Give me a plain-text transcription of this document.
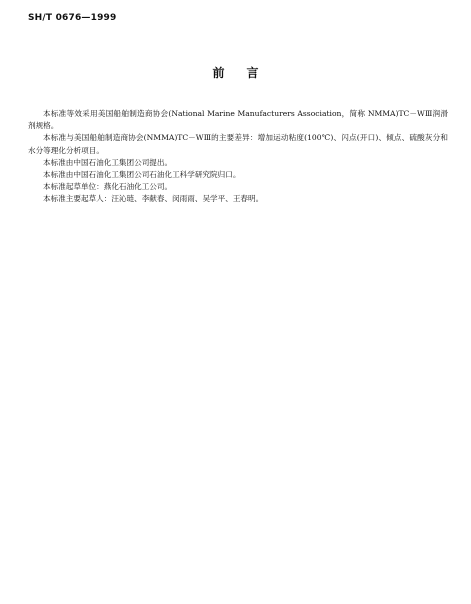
SH/T 0676—1999
前 言

本标准等效采用美国船舶制造商协会(National Marine Manufacturers Association，简称 NMMA)TC－WⅢ润滑剂规格。

本标准与美国船舶制造商协会(NMMA)TC－WⅢ的主要差异：增加运动粘度(100℃)、闪点(开口)、倾点、硫酸灰分和水分等理化分析项目。

本标准由中国石油化工集团公司提出。

本标准由中国石油化工集团公司石油化工科学研究院归口。

本标准起草单位：燕化石油化工公司。

本标准主要起草人：汪沁琏、李献春、闵雨雨、吴学平、王春明。
